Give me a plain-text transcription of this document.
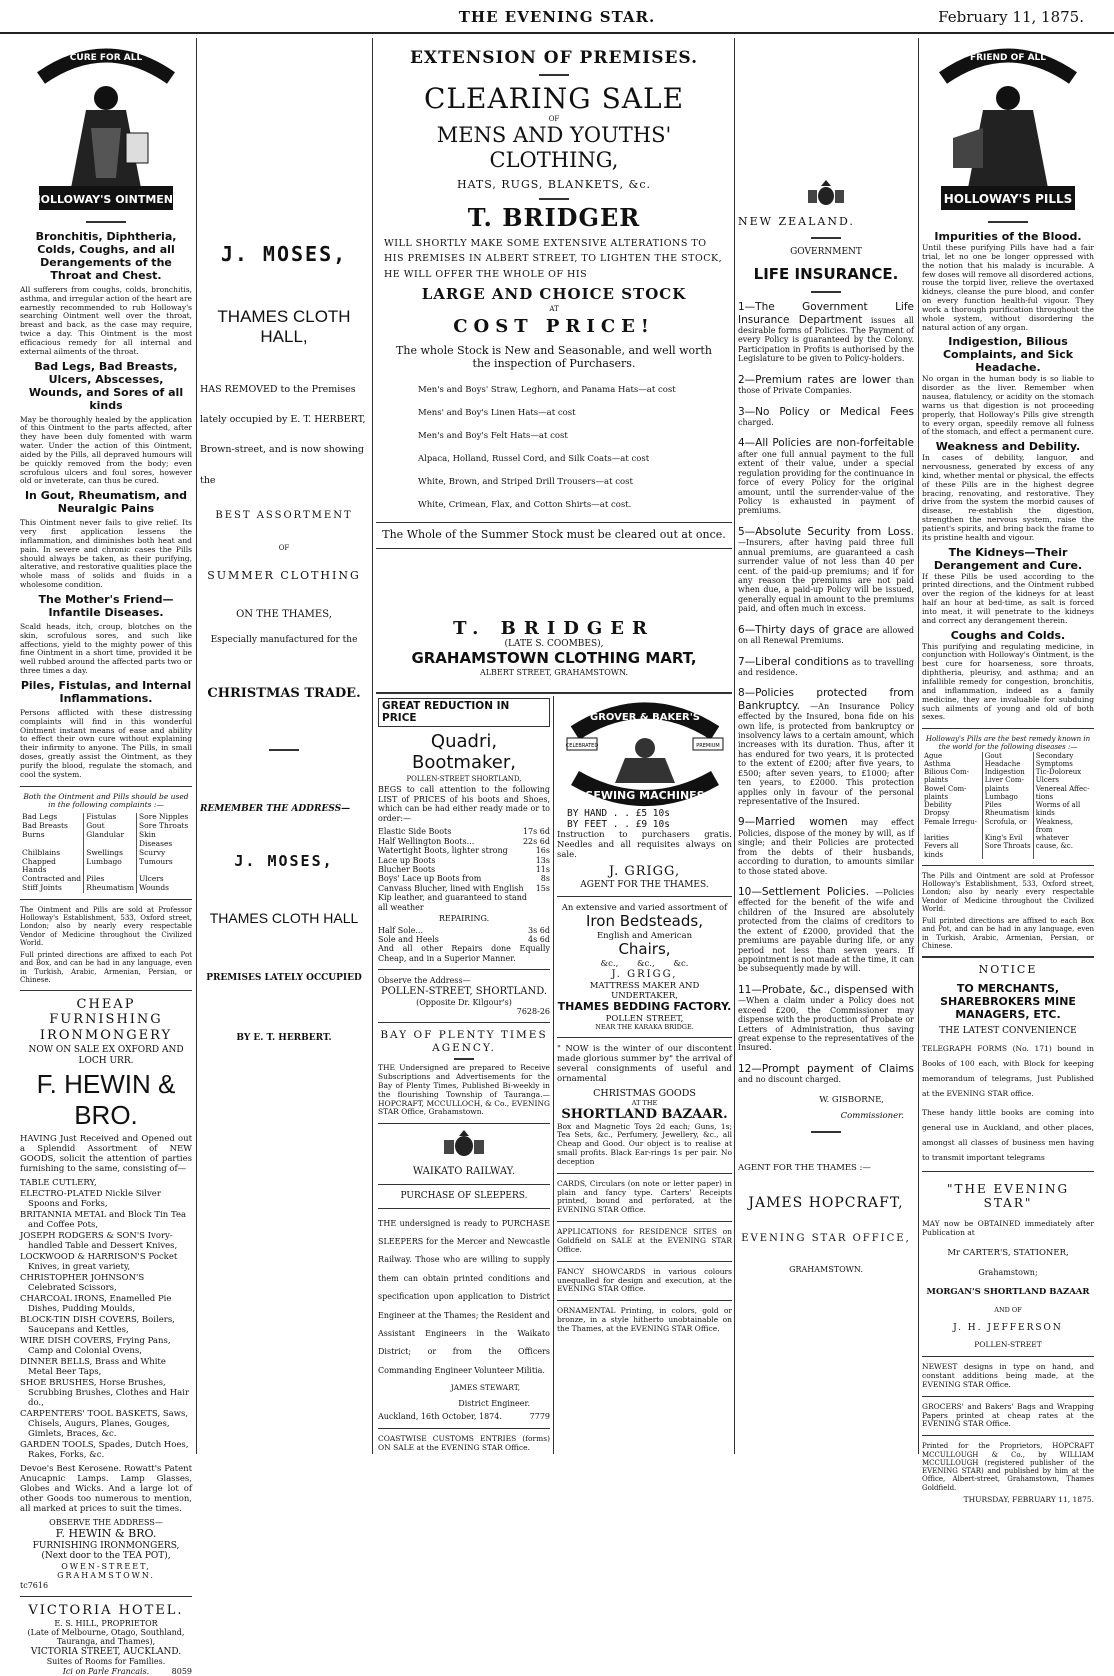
THE EVENING STAR.	February 11, 1875.
CURE FOR ALL
HOLLOWAY'S OINTMENT
Bronchitis, Diphtheria, Colds, Coughs, and all Derangements of the Throat and Chest.

All sufferers from coughs, colds, bronchitis, asthma, and irregular action of the heart are earnestly recommended to rub Holloway's searching Ointment well over the throat, breast and back, as the case may require, twice a day. This Ointment is the most efficacious remedy for all internal and external ailments of the throat.

Bad Legs, Bad Breasts, Ulcers, Abscesses, Wounds, and Sores of all kinds

May be thoroughly healed by the application of this Ointment to the parts affected, after they have been duly fomented with warm water. Under the action of this Ointment, aided by the Pills, all depraved humours will be quickly removed from the body; even scrofulous ulcers and foul sores, however old or inveterate, can thus be cured.

In Gout, Rheumatism, and Neuralgic Pains

This Ointment never fails to give relief. Its very first application lessens the inflammation, and diminishes both heat and pain. In severe and chronic cases the Pills should always be taken, as their purifying, alterative, and restorative qualities place the whole mass of solids and fluids in a wholesome condition.

The Mother's Friend—Infantile Diseases.

Scald heads, itch, croup, blotches on the skin, scrofulous sores, and such like affections, yield to the mighty power of this fine Ointment in a short time, provided it be well rubbed around the affected parts two or three times a day.

Piles, Fistulas, and Internal Inflammations.

Persons afflicted with these distressing complaints will find in this wonderful Ointment instant means of ease and ability to effect their own cure without explaining their infirmity to anyone. The Pills, in small doses, greatly assist the Ointment, as they purify the blood, regulate the stomach, and cool the system.

Both the Ointment and Pills should be used in the following complaints :—
Bad Legs	Fistulas	Sore Nipples
Bad Breasts	Gout	Sore Throats
Burns	Glandular	Skin Diseases
Chilblains	Swellings	Scurvy
Chapped Hands	Lumbago	Tumours
Contracted and	Piles	Ulcers
Stiff Joints	Rheumatism	Wounds

The Ointment and Pills are sold at Professor Holloway's Establishment, 533, Oxford street, London; also by nearly every respectable Vendor of Medicine throughout the Civilized World.

Full printed directions are affixed to each Pot and Box, and can be had in any language, even in Turkish, Arabic, Armenian, Persian, or Chinese.

CHEAP FURNISHING IRONMONGERY
NOW ON SALE EX OXFORD AND LOCH URR.
F. HEWIN & BRO.

HAVING Just Received and Opened out a Splendid Assortment of NEW GOODS, solicit the attention of parties furnishing to the same, consisting of—

TABLE CUTLERY,
ELECTRO-PLATED Nickle Silver Spoons and Forks,
BRITANNIA METAL and Block Tin Tea and Coffee Pots,
JOSEPH RODGERS & SON'S Ivory-handled Table and Dessert Knives,
LOCKWOOD & HARRISON'S Pocket Knives, in great variety,
CHRISTOPHER JOHNSON'S Celebrated Scissors,
CHARCOAL IRONS, Enamelled Pie Dishes, Pudding Moulds,
BLOCK-TIN DISH COVERS, Boilers, Saucepans and Kettles,
WIRE DISH COVERS, Frying Pans, Camp and Colonial Ovens,
DINNER BELLS, Brass and White Metal Beer Taps,
SHOE BRUSHES, Horse Brushes, Scrubbing Brushes, Clothes and Hair do.,
CARPENTERS' TOOL BASKETS, Saws, Chisels, Augurs, Planes, Gouges, Gimlets, Braces, &c.
GARDEN TOOLS, Spades, Dutch Hoes, Rakes, Forks, &c.

Devoe's Best Kerosene. Rowatt's Patent Anucapnic Lamps. Lamp Glasses, Globes and Wicks. And a large lot of other Goods too numerous to mention, all marked at prices to suit the times.

OBSERVE THE ADDRESS—
F. HEWIN & BRO.
FURNISHING IRONMONGERS,
(Next door to the TEA POT),
OWEN-STREET, GRAHAMSTOWN.
tc7616
VICTORIA HOTEL.
E. S. HILL, PROPRIETOR
(Late of Melbourne, Otago, Southland, Tauranga, and Thames),
VICTORIA STREET, AUCKLAND.
Suites of Rooms for Families.
Ici on Parle Francais.	8059
J. MOSES,
THAMES CLOTH HALL,

HAS REMOVED to the Premises lately occupied by E. T. HERBERT, Brown-street, and is now showing the

BEST ASSORTMENT
OF
SUMMER CLOTHING
ON THE THAMES,
Especially manufactured for the
CHRISTMAS TRADE.
REMEMBER THE ADDRESS—
J. MOSES,
THAMES CLOTH HALL
PREMISES LATELY OCCUPIED
BY E. T. HERBERT.
EXTENSION OF PREMISES.
CLEARING SALE
OF
MENS AND YOUTHS' CLOTHING,
HATS, RUGS, BLANKETS, &c.
T. BRIDGER

WILL SHORTLY MAKE SOME EXTENSIVE ALTERATIONS TO HIS PREMISES IN ALBERT STREET, TO LIGHTEN THE STOCK, HE WILL OFFER THE WHOLE OF HIS

LARGE AND CHOICE STOCK
AT
COST PRICE!

The whole Stock is New and Seasonable, and well worth the inspection of Purchasers.

Men's and Boys' Straw, Leghorn, and Panama Hats—at cost
Mens' and Boy's Linen Hats—at cost
Men's and Boy's Felt Hats—at cost
Alpaca, Holland, Russel Cord, and Silk Coats—at cost
White, Brown, and Striped Drill Trousers—at cost
White, Crimean, Flax, and Cotton Shirts—at cost.
The Whole of the Summer Stock must be cleared out at once.
T. BRIDGER
(LATE S. COOMBES),
GRAHAMSTOWN CLOTHING MART,
ALBERT STREET, GRAHAMSTOWN.
GREAT REDUCTION IN PRICE
Quadri, Bootmaker,
POLLEN-STREET SHORTLAND,

BEGS to call attention to the following LIST of PRICES of his boots and Shoes, which can be had either ready made or to order:—

Elastic Side Boots	17s 6d
Half Wellington Boots...	22s 6d
Watertight Boots, lighter strong	16s
Lace up Boots	13s
Blucher Boots	11s
Boys' Lace up Boots from	8s
Canvass Blucher, lined with English Kip leather, and guaranteed to stand all weather
15s
REPAIRING.
Half Sole...	3s 6d
Sole and Heels	4s 6d

And all other Repairs done Equally Cheap, and in a Superior Manner.

Observe the Address—
POLLEN-STREET, SHORTLAND.
(Opposite Dr. Kilgour's)
7628-26
BAY OF PLENTY TIMES AGENCY.

THE Undersigned are prepared to Receive Subscriptions and Advertisements for the Bay of Plenty Times, Published Bi-weekly in the flourishing Township of Tauranga.—HOPCRAFT, MCCULLOCH, & Co., EVENING STAR Office, Grahamstown.

WAIKATO RAILWAY.
PURCHASE OF SLEEPERS.

THE undersigned is ready to PURCHASE SLEEPERS for the Mercer and Newcastle Railway. Those who are willing to supply them can obtain printed conditions and specification upon application to District Engineer at the Thames; the Resident and Assistant Engineers in the Waikato District; or from the Officers Commanding Engineer Volunteer Militia.

JAMES STEWART,
District Engineer.
Auckland, 16th October, 1874.	7779

COASTWISE CUSTOMS ENTRIES (forms) ON SALE at the EVENING STAR Office.

GROVER & BAKER'S
CELEBRATED	PREMIUM
SEWING MACHINES
BY HAND . . £5 10s
BY FEET . . £9 10s

Instruction to purchasers gratis. Needles and all requisites always on sale.

J. GRIGG,
AGENT FOR THE THAMES.
An extensive and varied assortment of
Iron Bedsteads,
English and American
Chairs,
&c., &c., &c.
J. GRIGG,
MATTRESS MAKER AND UNDERTAKER,
THAMES BEDDING FACTORY.
POLLEN STREET,
NEAR THE KARAKA BRIDGE.

" NOW is the winter of our discontent made glorious summer by" the arrival of several consignments of useful and ornamental

CHRISTMAS GOODS
AT THE
SHORTLAND BAZAAR.

Box and Magnetic Toys 2d each; Guns, 1s; Tea Sets, &c., Perfumery, Jewellery, &c., all Cheap and Good. Our object is to realise at small profits. Black Ear-rings 1s per pair. No deception

CARDS, Circulars (on note or letter paper) in plain and fancy type. Carters' Receipts printed, bound and perforated, at the EVENING STAR Office.

APPLICATIONS for RESIDENCE SITES on Goldfield on SALE at the EVENING STAR Office.

FANCY SHOWCARDS in various colours unequalled for design and execution, at the EVENING STAR Office.

ORNAMENTAL Printing, in colors, gold or bronze, in a style hitherto unobtainable on the Thames, at the EVENING STAR Office.

NEW ZEALAND.
GOVERNMENT
LIFE INSURANCE.

1—The Government Life Insurance Department issues all desirable forms of Policies. The Payment of every Policy is guaranteed by the Colony. Participation in Profits is authorised by the Legislature to be given to Policy-holders.

2—Premium rates are lower than those of Private Companies.

3—No Policy or Medical Fees charged.

4—All Policies are non-forfeitable after one full annual payment to the full extent of their value, under a special regulation providing for the continuance in force of every Policy for the original amount, until the surrender-value of the Policy is exhausted in payment of premiums.

5—Absolute Security from Loss. —Insurers, after having paid three full annual premiums, are guaranteed a cash surrender value of not less than 40 per cent. of the paid-up premiums; and if for any reason the premiums are not paid when due, a paid-up Policy will be issued, generally equal in amount to the premiums paid, and often much in excess.

6—Thirty days of grace are allowed on all Renewal Premiums.

7—Liberal conditions as to travelling and residence.

8—Policies protected from Bankruptcy. —An Insurance Policy effected by the Insured, bona fide on his own life, is protected from bankruptcy or insolvency laws to a certain amount, which increases with its duration. Thus, after it has endured for two years, it is protected to the extent of £200; after five years, to £500; after seven years, to £1000; after ten years, to £2000. This protection applies only in favour of the personal representative of the Insured.

9—Married women may effect Policies, dispose of the money by will, as if single; and their Policies are protected from the debts of their husbands, according to duration, to amounts similar to those stated above.

10—Settlement Policies. —Policies effected for the benefit of the wife and children of the Insured are absolutely protected from the claims of creditors to the extent of £2000, provided that the premiums are payable during life, or any period not less than seven years. If appointment is not made at the time, it can be subsequently made by will.

11—Probate, &c., dispensed with —When a claim under a Policy does not exceed £200, the Commissioner may dispense with the production of Probate or Letters of Administration, thus saving great expense to the representatives of the Insured.

12—Prompt payment of Claims and no discount charged.

W. GISBORNE,
Commissioner.
AGENT FOR THE THAMES :—
JAMES HOPCRAFT,
EVENING STAR OFFICE,
GRAHAMSTOWN.
FRIEND OF ALL
HOLLOWAY'S PILLS
Impurities of the Blood.

Until these purifying Pills have had a fair trial, let no one be longer oppressed with the notion that his malady is incurable. A few doses will remove all disordered actions, rouse the torpid liver, relieve the overtaxed kidneys, cleanse the pure blood, and confer on every function health-ful vigour. They work a thorough purification throughout the whole system, without disordering the natural action of any organ.

Indigestion, Bilious Complaints, and Sick Headache.

No organ in the human body is so liable to disorder as the liver. Remember when nausea, flatulency, or acidity on the stomach warns us that digestion is not proceeding properly, that Holloway's Pills give strength to every organ, speedily remove all fulness of the stomach, and effect a permanent cure.

Weakness and Debility.

In cases of debility, languor, and nervousness, generated by excess of any kind, whether mental or physical, the effects of these Pills are in the highest degree bracing, renovating, and restorative. They drive from the system the morbid causes of disease, re-establish the digestion, strengthen the nervous system, raise the patient's spirits, and bring back the frame to its pristine health and vigour.

The Kidneys—Their Derangement and Cure.

If these Pills be used according to the printed directions, and the Ointment rubbed over the region of the kidneys for at least half an hour at bed-time, as salt is forced into meat, it will penetrate to the kidneys and correct any derangement therein.

Coughs and Colds.

This purifying and regulating medicine, in conjunction with Holloway's Ointment, is the best cure for hoarseness, sore throats, diphtheria, pleurisy, and asthma; and an infallible remedy for congestion, bronchitis, and inflammation, indeed as a family medicine, they are invaluable for subduing such ailments of young and old of both sexes.

Holloway's Pills are the best remedy known in the world for the following diseases :—
Ague	Gout	Secondary
Asthma	Headache	Symptoms
Bilious Com-	Indigestion	Tic-Doloreux
plaints	Liver Com-	Ulcers
Bowel Com-	plaints	Venereal Affec-
plaints	Lumbago	tions
Debility	Piles	Worms of all
Dropsy	Rheumatism	kinds
Female Irregu-	Scrofula, or	Weakness, from
larities	King's Evil	whatever
Fevers all kinds	Sore Throats	cause, &c.

The Pills and Ointment are sold at Professor Holloway's Establishment, 533, Oxford street, London; also by nearly every respectable Vendor of Medicine throughout the Civilized World.

Full printed directions are affixed to each Box and Pot, and can be had in any language, even in Turkish, Arabic, Armenian, Persian, or Chinese.

NOTICE
TO MERCHANTS, SHAREBROKERS MINE MANAGERS, ETC.
THE LATEST CONVENIENCE

TELEGRAPH FORMS (No. 171) bound in Books of 100 each, with Block for keeping memorandum of telegrams, Just Published at the EVENING STAR office.

These handy little books are coming into general use in Auckland, and other places, amongst all classes of business men having to transmit important telegrams

"THE EVENING STAR"

MAY now be OBTAINED immediately after Publication at

Mr CARTER'S, STATIONER,
Grahamstown;
MORGAN'S SHORTLAND BAZAAR
AND OF
J. H. JEFFERSON
POLLEN-STREET

NEWEST designs in type on hand, and constant additions being made, at the EVENING STAR Office.

GROCERS' and Bakers' Bags and Wrapping Papers printed at cheap rates at the EVENING STAR Office.

Printed for the Proprietors, HOPCRAFT MCCULLOUGH & Co., by WILLIAM MCCULLOUGH (registered publisher of the EVENING STAR) and published by him at the Office, Albert-street, Grahamstown, Thames Goldfield.

THURSDAY, FEBRUARY 11, 1875.
